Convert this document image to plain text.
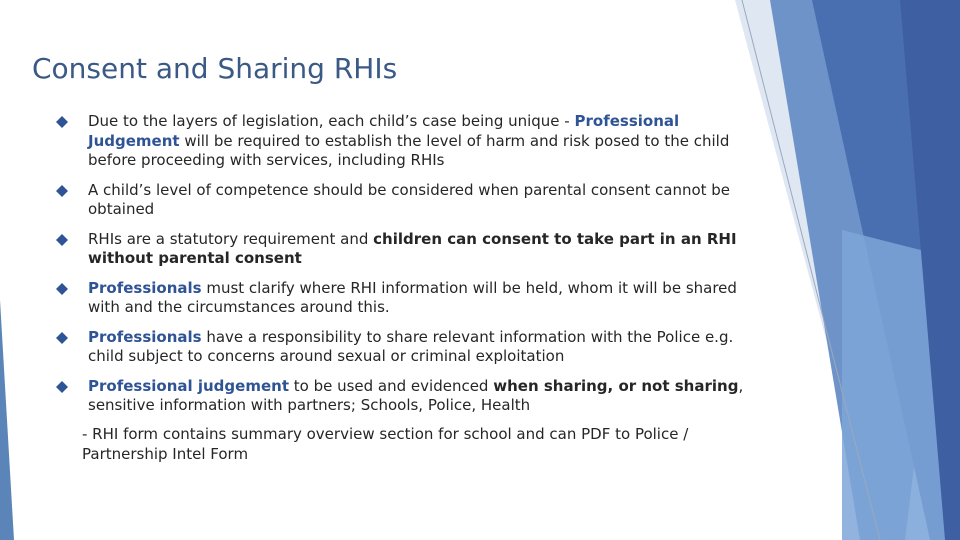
Consent and Sharing RHIs
Due to the layers of legislation, each child’s case being unique - Professional Judgement will be required to establish the level of harm and risk posed to the child before proceeding with services, including RHIs
A child’s level of competence should be considered when parental consent cannot be obtained
RHIs are a statutory requirement and children can consent to take part in an RHI without parental consent
Professionals must clarify where RHI information will be held, whom it will be shared with and the circumstances around this.
Professionals have a responsibility to share relevant information with the Police e.g. child subject to concerns around sexual or criminal exploitation
Professional judgement to be used and evidenced when sharing, or not sharing, sensitive information with partners; Schools, Police, Health

- RHI form contains summary overview section for school and can PDF to Police / Partnership Intel Form
